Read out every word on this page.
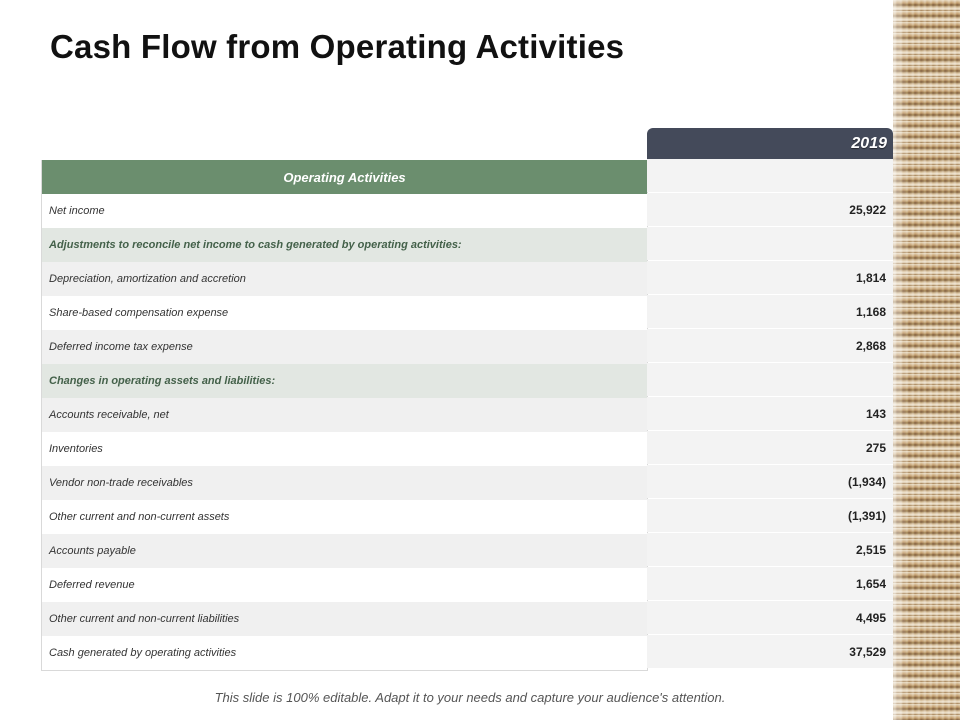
Cash Flow from Operating Activities
Operating Activities
Net income
Adjustments to reconcile net income to cash generated by operating activities:
Depreciation, amortization and accretion
Share-based compensation expense
Deferred income tax expense
Changes in operating assets and liabilities:
Accounts receivable, net
Inventories
Vendor non-trade receivables
Other current and non-current assets
Accounts payable
Deferred revenue
Other current and non-current liabilities
Cash generated by operating activities
2019
25,922
1,814
1,168
2,868
143
275
(1,934)
(1,391)
2,515
1,654
4,495
37,529
This slide is 100% editable. Adapt it to your needs and capture your audience's attention.
